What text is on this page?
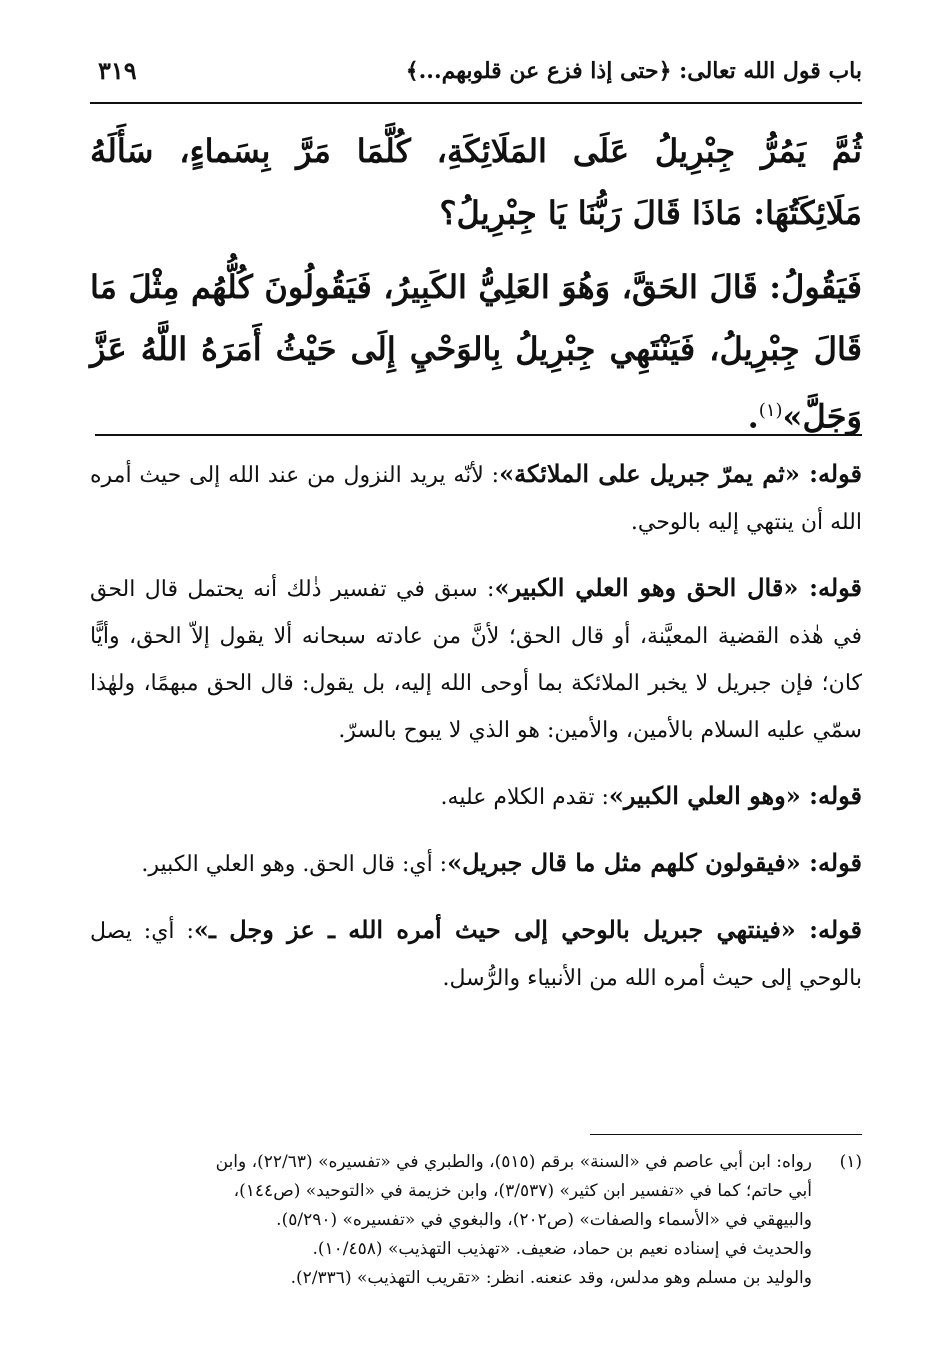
باب قول الله تعالى: ﴿حتى إذا فزع عن قلوبهم...﴾
٣١٩

ثُمَّ يَمُرُّ جِبْرِيلُ عَلَى المَلَائِكَةِ، كُلَّمَا مَرَّ بِسَماءٍ، سَأَلَهُ مَلَائِكَتُهَا: مَاذَا قَالَ رَبُّنَا يَا جِبْرِيلُ؟

فَيَقُولُ: قَالَ الحَقَّ، وَهُوَ العَلِيُّ الكَبِيرُ، فَيَقُولُونَ كُلُّهُم مِثْلَ مَا قَالَ جِبْرِيلُ، فَيَنْتَهِي جِبْرِيلُ بِالوَحْيِ إِلَى حَيْثُ أَمَرَهُ اللَّهُ عَزَّ وَجَلَّ»$^{(١)}$.

قوله: «ثم يمرّ جبريل على الملائكة»: لأنّه يريد النزول من عند الله إلى حيث أمره الله أن ينتهي إليه بالوحي.

قوله: «قال الحق وهو العلي الكبير»: سبق في تفسير ذٰلك أنه يحتمل قال الحق في هٰذه القضية المعيَّنة، أو قال الحق؛ لأنَّ من عادته سبحانه ألا يقول إلاّ الحق، وأيًّا كان؛ فإن جبريل لا يخبر الملائكة بما أوحى الله إليه، بل يقول: قال الحق مبهمًا، ولهٰذا سمّي عليه السلام بالأمين، والأمين: هو الذي لا يبوح بالسرّ.

قوله: «وهو العلي الكبير»: تقدم الكلام عليه.

قوله: «فيقولون كلهم مثل ما قال جبريل»: أي: قال الحق. وهو العلي الكبير.

قوله: «فينتهي جبريل بالوحي إلى حيث أمره الله ـ عز وجل ـ»: أي: يصل بالوحي إلى حيث أمره الله من الأنبياء والرُّسل.

(١)
رواه: ابن أبي عاصم في «السنة» برقم (٥١٥)، والطبري في «تفسيره» (٢٢/٦٣)، وابن
أبي حاتم؛ كما في «تفسير ابن كثير» (٣/٥٣٧)، وابن خزيمة في «التوحيد» (ص١٤٤)،
والبيهقي في «الأسماء والصفات» (ص٢٠٢)، والبغوي في «تفسيره» (٥/٢٩٠).
والحديث في إسناده نعيم بن حماد، ضعيف. «تهذيب التهذيب» (١٠/٤٥٨).
والوليد بن مسلم وهو مدلس، وقد عنعنه. انظر: «تقريب التهذيب» (٢/٣٣٦).
